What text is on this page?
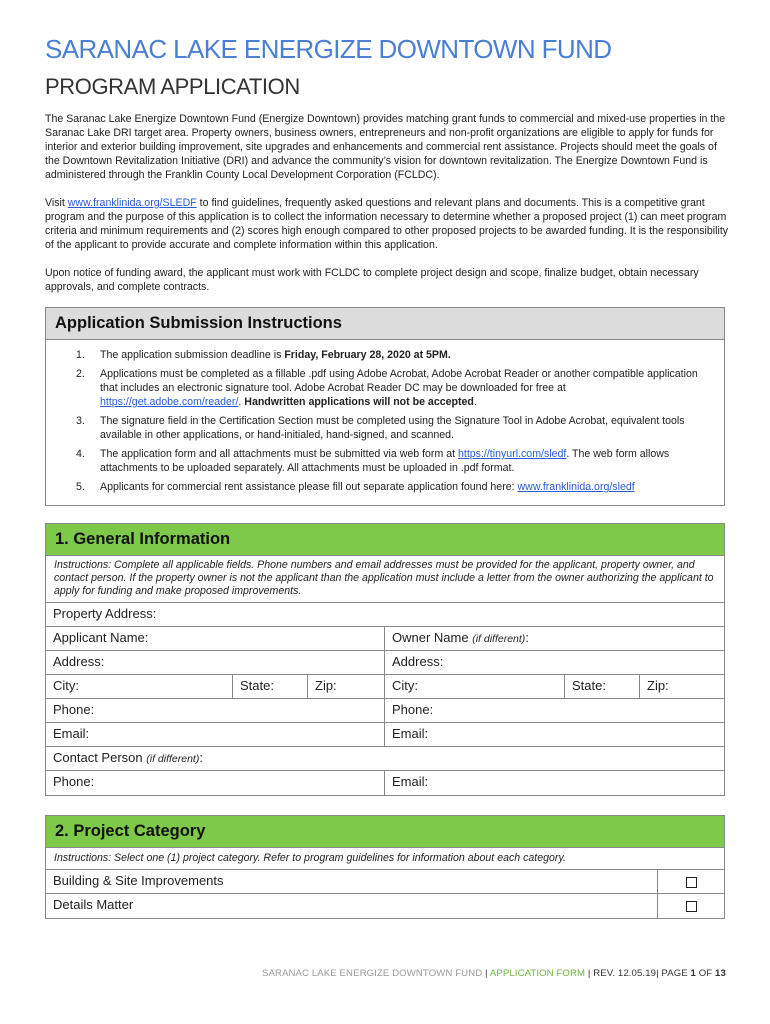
SARANAC LAKE ENERGIZE DOWNTOWN FUND
PROGRAM APPLICATION

The Saranac Lake Energize Downtown Fund (Energize Downtown) provides matching grant funds to commercial and mixed-use properties in the Saranac Lake DRI target area. Property owners, business owners, entrepreneurs and non-profit organizations are eligible to apply for funds for interior and exterior building improvement, site upgrades and enhancements and commercial rent assistance. Projects should meet the goals of the Downtown Revitalization Initiative (DRI) and advance the community’s vision for downtown revitalization. The Energize Downtown Fund is administered through the Franklin County Local Development Corporation (FCLDC).

Visit www.franklinida.org/SLEDF to find guidelines, frequently asked questions and relevant plans and documents. This is a competitive grant program and the purpose of this application is to collect the information necessary to determine whether a proposed project (1) can meet program criteria and minimum requirements and (2) scores high enough compared to other proposed projects to be awarded funding. It is the responsibility of the applicant to provide accurate and complete information within this application.

Upon notice of funding award, the applicant must work with FCLDC to complete project design and scope, finalize budget, obtain necessary approvals, and complete contracts.

Application Submission Instructions
1.	The application submission deadline is Friday, February 28, 2020 at 5PM.
2.	Applications must be completed as a fillable .pdf using Adobe Acrobat, Adobe Acrobat Reader or another compatible application that includes an electronic signature tool. Adobe Acrobat Reader DC may be downloaded for free at https://get.adobe.com/reader/. Handwritten applications will not be accepted.
3.	The signature field in the Certification Section must be completed using the Signature Tool in Adobe Acrobat, equivalent tools available in other applications, or hand-initialed, hand-signed, and scanned.
4.	The application form and all attachments must be submitted via web form at https://tinyurl.com/sledf. The web form allows attachments to be uploaded separately. All attachments must be uploaded in .pdf format.
5.	Applicants for commercial rent assistance please fill out separate application found here: www.franklinida.org/sledf
1. General Information
Instructions: Complete all applicable fields. Phone numbers and email addresses must be provided for the applicant, property owner, and contact person. If the property owner is not the applicant than the application must include a letter from the owner authorizing the applicant to apply for funding and make proposed improvements.
Property Address:
Applicant Name:	Owner Name (if different):
Address:	Address:
City:	State:	Zip:	City:	State:	Zip:
Phone:	Phone:
Email:	Email:
Contact Person (if different):
Phone:	Email:
2. Project Category
Instructions: Select one (1) project category. Refer to program guidelines for information about each category.
Building & Site Improvements
Details Matter
SARANAC LAKE ENERGIZE DOWNTOWN FUND | APPLICATION FORM | REV. 12.05.19| PAGE 1 OF 13
